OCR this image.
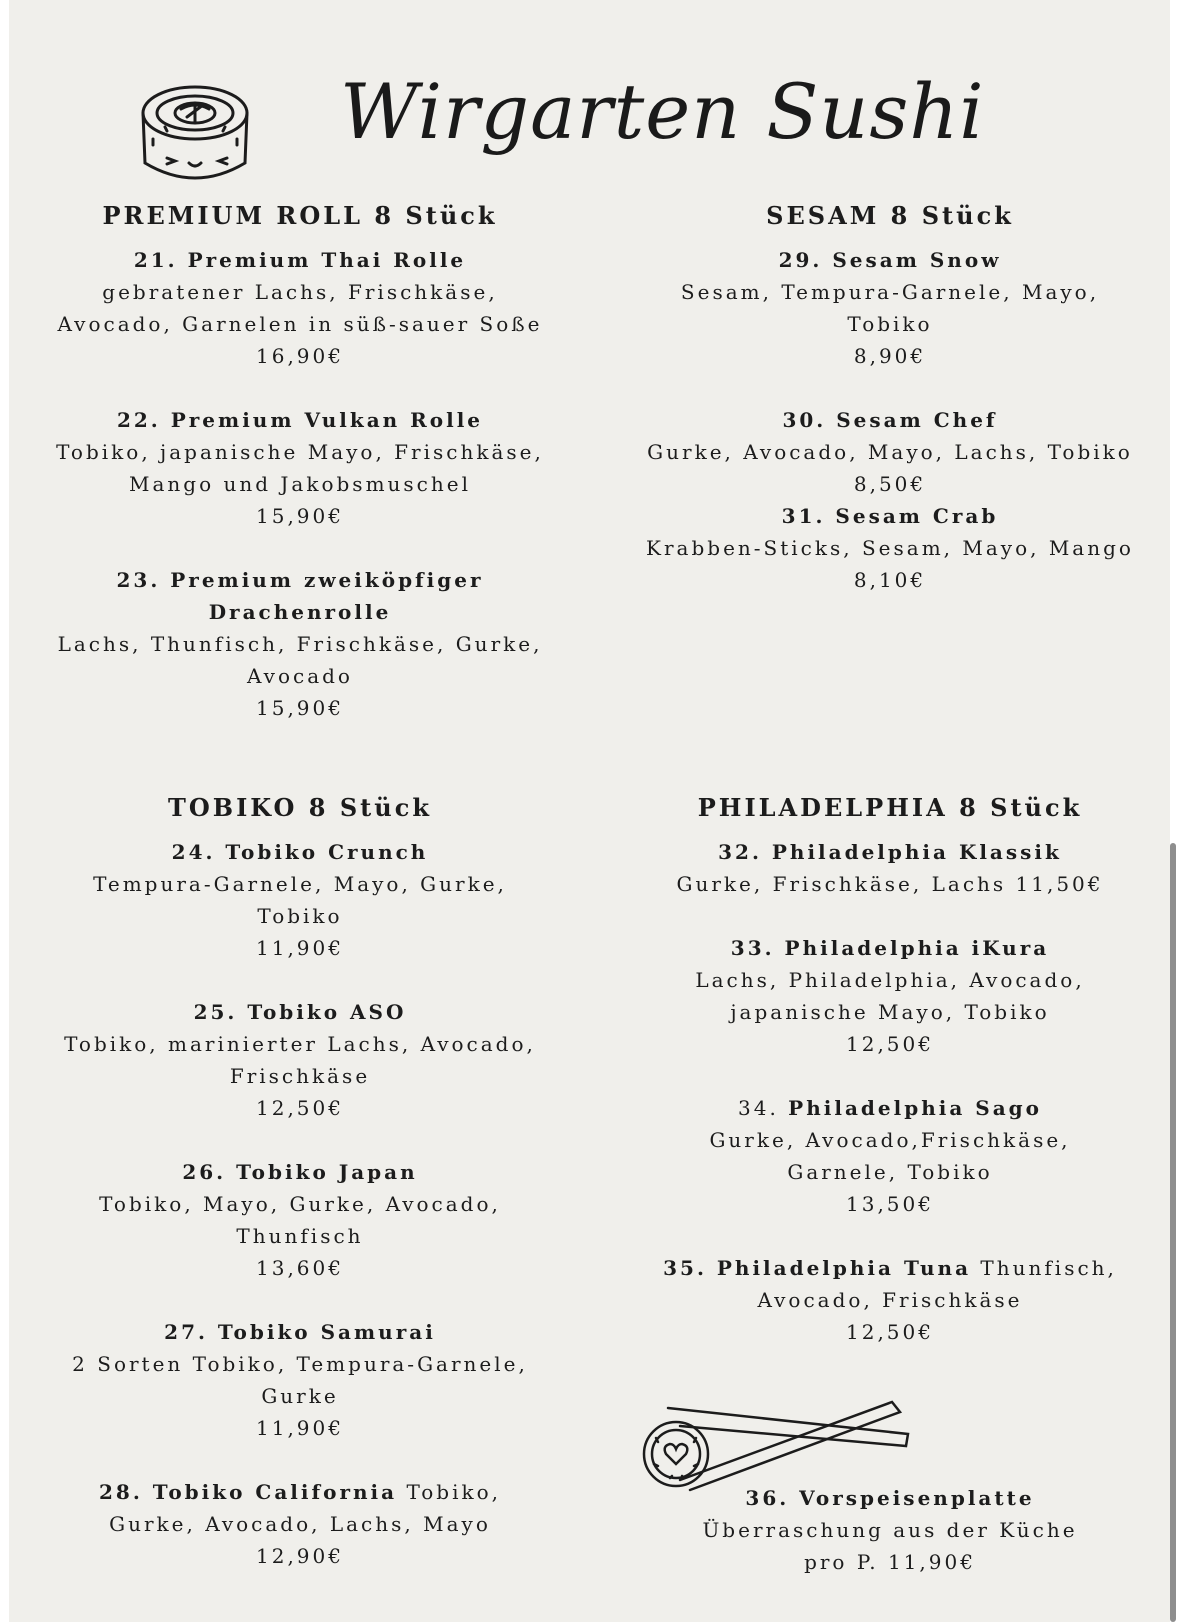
Wirgarten Sushi
PREMIUM ROLL 8 Stück
21. Premium Thai Rolle
gebratener Lachs, Frischkäse,
Avocado, Garnelen in süß-sauer Soße
16,90€
22. Premium Vulkan Rolle
Tobiko, japanische Mayo, Frischkäse,
Mango und Jakobsmuschel
15,90€
23. Premium zweiköpfiger
Drachenrolle
Lachs, Thunfisch, Frischkäse, Gurke,
Avocado
15,90€
SESAM 8 Stück
29. Sesam Snow
Sesam, Tempura-Garnele, Mayo,
Tobiko
8,90€
30. Sesam Chef
Gurke, Avocado, Mayo, Lachs, Tobiko
8,50€
31. Sesam Crab
Krabben-Sticks, Sesam, Mayo, Mango
8,10€
TOBIKO 8 Stück
24. Tobiko Crunch
Tempura-Garnele, Mayo, Gurke,
Tobiko
11,90€
25. Tobiko ASO
Tobiko, marinierter Lachs, Avocado,
Frischkäse
12,50€
26. Tobiko Japan
Tobiko, Mayo, Gurke, Avocado,
Thunfisch
13,60€
27. Tobiko Samurai
2 Sorten Tobiko, Tempura-Garnele,
Gurke
11,90€
28. Tobiko California Tobiko,
Gurke, Avocado, Lachs, Mayo
12,90€
PHILADELPHIA 8 Stück
32. Philadelphia Klassik
Gurke, Frischkäse, Lachs 11,50€
33. Philadelphia iKura
Lachs, Philadelphia, Avocado,
japanische Mayo, Tobiko
12,50€
34. Philadelphia Sago
Gurke, Avocado,Frischkäse,
Garnele, Tobiko
13,50€
35. Philadelphia Tuna Thunfisch,
Avocado, Frischkäse
12,50€
36. Vorspeisenplatte
Überraschung aus der Küche
pro P. 11,90€
